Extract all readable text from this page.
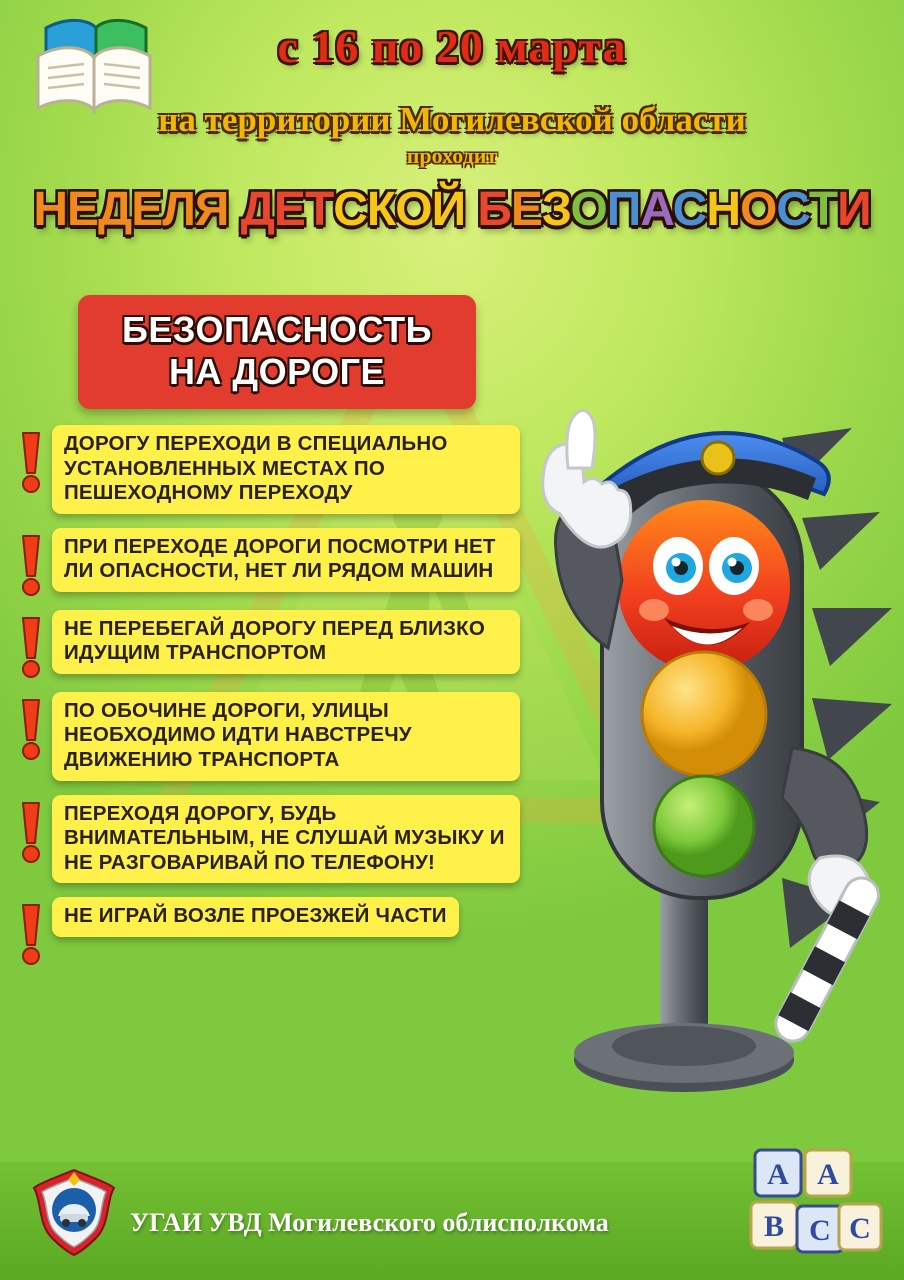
с 16 по 20 марта
на территории Могилевской области
проходит
НЕДЕЛЯ ДЕТСКОЙ БЕЗОПАСНОСТИ
БЕЗОПАСНОСТЬ
НА ДОРОГЕ
ДОРОГУ ПЕРЕХОДИ В СПЕЦИАЛЬНО УСТАНОВЛЕННЫХ МЕСТАХ ПО ПЕШЕХОДНОМУ ПЕРЕХОДУ
ПРИ ПЕРЕХОДЕ ДОРОГИ ПОСМОТРИ НЕТ ЛИ ОПАСНОСТИ, НЕТ ЛИ РЯДОМ МАШИН
НЕ ПЕРЕБЕГАЙ ДОРОГУ ПЕРЕД БЛИЗКО ИДУЩИМ ТРАНСПОРТОМ
ПО ОБОЧИНЕ ДОРОГИ, УЛИЦЫ НЕОБХОДИМО ИДТИ НАВСТРЕЧУ ДВИЖЕНИЮ ТРАНСПОРТА
ПЕРЕХОДЯ ДОРОГУ, БУДЬ ВНИМАТЕЛЬНЫМ, НЕ СЛУШАЙ МУЗЫКУ И НЕ РАЗГОВАРИВАЙ ПО ТЕЛЕФОНУ!
НЕ ИГРАЙ ВОЗЛЕ ПРОЕЗЖЕЙ ЧАСТИ
УГАИ УВД Могилевского облисполкома
A A
B C C
